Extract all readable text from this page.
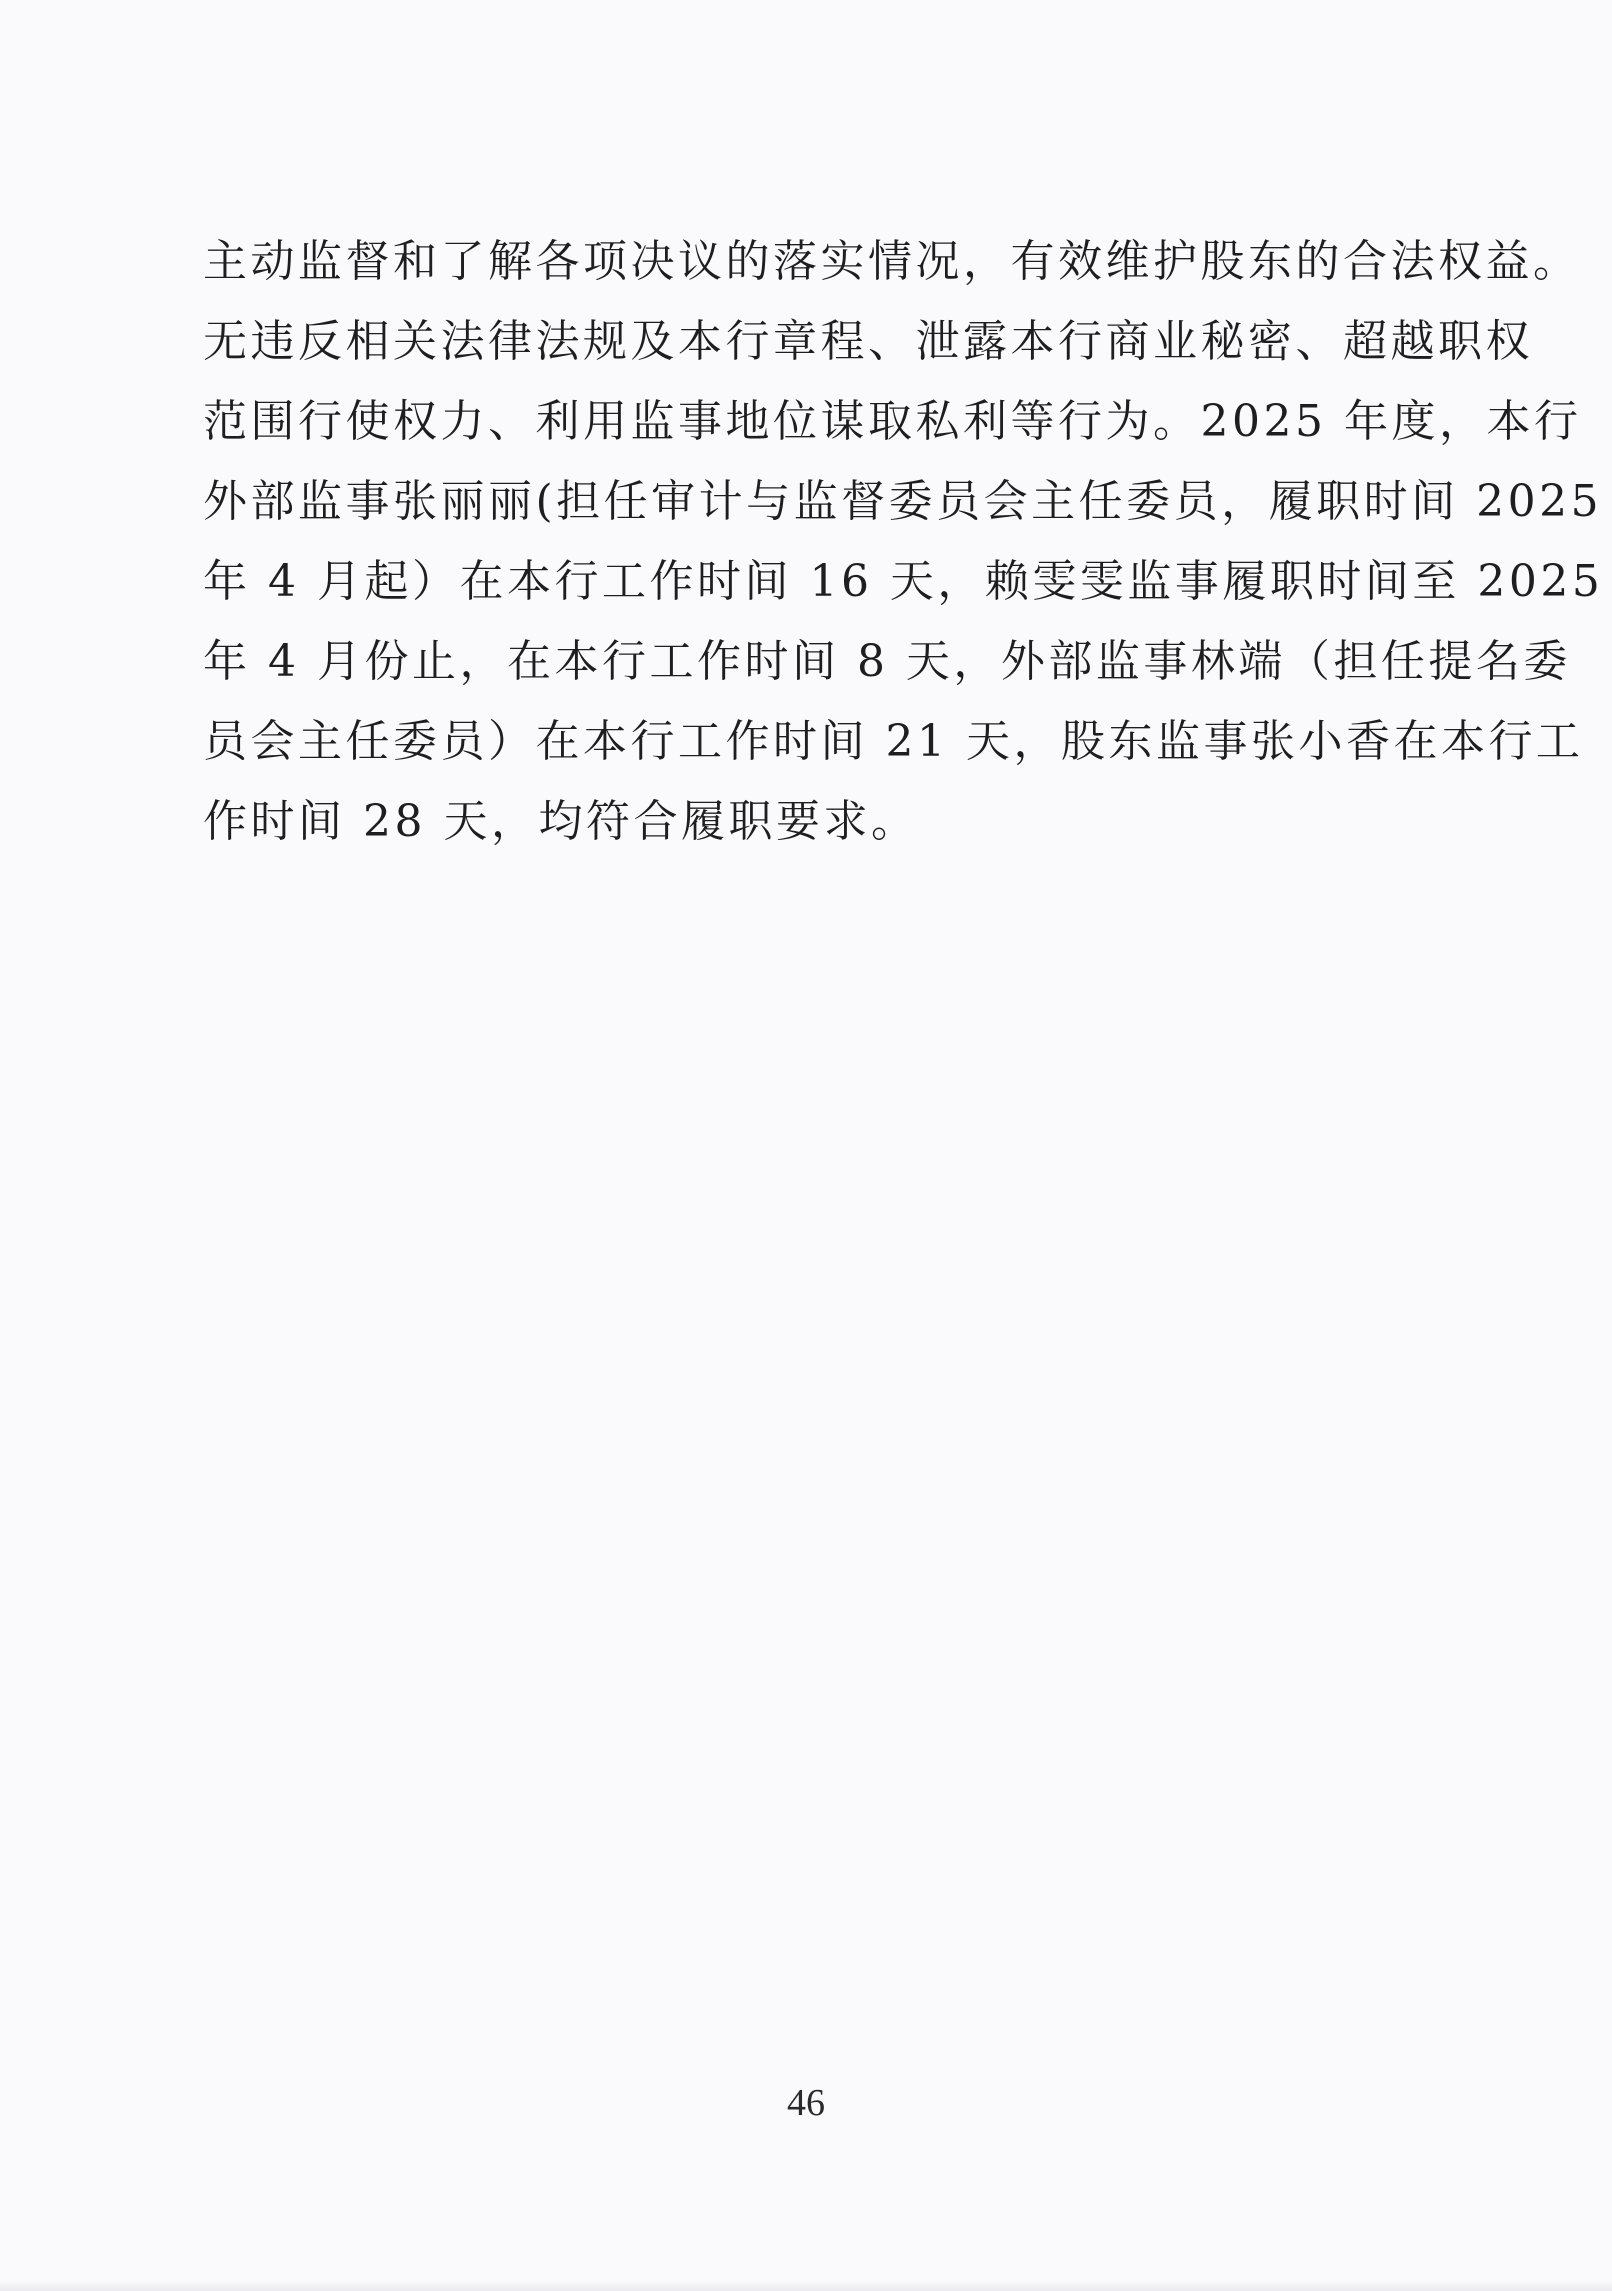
主动监督和了解各项决议的落实情况，有效维护股东的合法权益。
无违反相关法律法规及本行章程、泄露本行商业秘密、超越职权
范围行使权力、利用监事地位谋取私利等行为。2025 年度，本行
外部监事张丽丽(担任审计与监督委员会主任委员，履职时间 2025
年 4 月起）在本行工作时间 16 天，赖雯雯监事履职时间至 2025
年 4 月份止，在本行工作时间 8 天，外部监事林端（担任提名委
员会主任委员）在本行工作时间 21 天，股东监事张小香在本行工
作时间 28 天，均符合履职要求。
46
